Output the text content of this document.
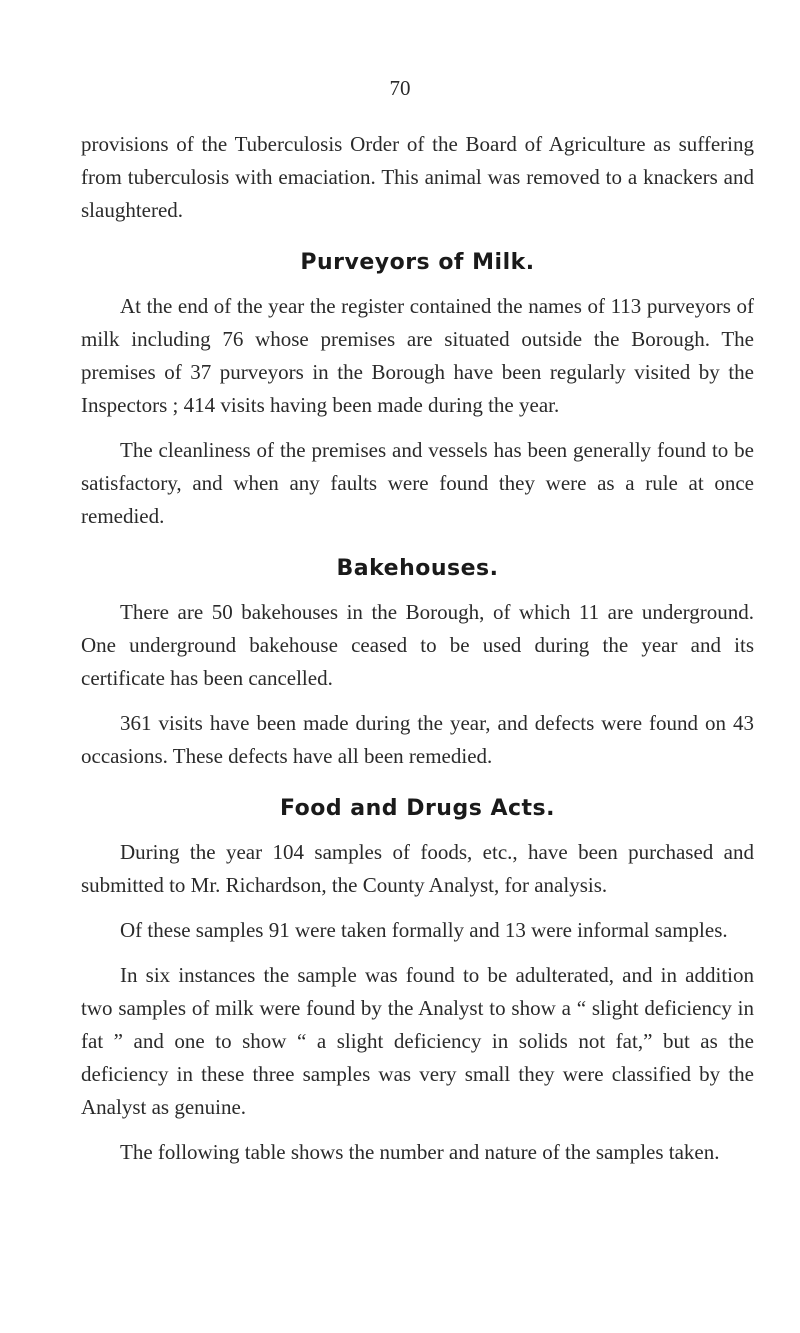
70

provisions of the Tuberculosis Order of the Board of Agriculture as suffering from tuberculosis with emaciation. This animal was removed to a knackers and slaughtered.

Purveyors of Milk.

At the end of the year the register contained the names of 113 purveyors of milk including 76 whose premises are situated outside the Borough. The premises of 37 purveyors in the Borough have been regularly visited by the Inspectors ; 414 visits having been made during the year.

The cleanliness of the premises and vessels has been generally found to be satisfactory, and when any faults were found they were as a rule at once remedied.

Bakehouses.

There are 50 bakehouses in the Borough, of which 11 are underground. One underground bakehouse ceased to be used during the year and its certificate has been cancelled.

361 visits have been made during the year, and defects were found on 43 occasions. These defects have all been remedied.

Food and Drugs Acts.

During the year 104 samples of foods, etc., have been purchased and submitted to Mr. Richardson, the County Analyst, for analysis.

Of these samples 91 were taken formally and 13 were informal samples.

In six instances the sample was found to be adulterated, and in addition two samples of milk were found by the Analyst to show a “ slight deficiency in fat ” and one to show “ a slight deficiency in solids not fat,” but as the deficiency in these three samples was very small they were classified by the Analyst as genuine.

The following table shows the number and nature of the samples taken.
